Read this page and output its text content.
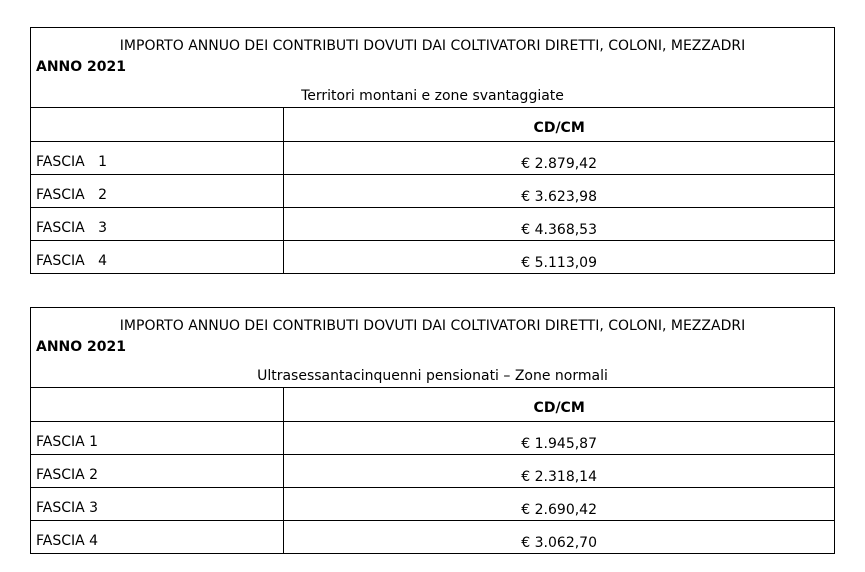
IMPORTO ANNUO DEI CONTRIBUTI DOVUTI DAI COLTIVATORI DIRETTI, COLONI, MEZZADRI
ANNO 2021
Territori montani e zone svantaggiate	

	CD/CM
FASCIA   1	€ 2.879,42
FASCIA   2	€ 3.623,98
FASCIA   3	€ 4.368,53
FASCIA   4	€ 5.113,09
IMPORTO ANNUO DEI CONTRIBUTI DOVUTI DAI COLTIVATORI DIRETTI, COLONI, MEZZADRI
ANNO 2021
Ultrasessantacinquenni pensionati – Zone normali	

	CD/CM
FASCIA 1	€ 1.945,87
FASCIA 2	€ 2.318,14
FASCIA 3	€ 2.690,42
FASCIA 4	€ 3.062,70
